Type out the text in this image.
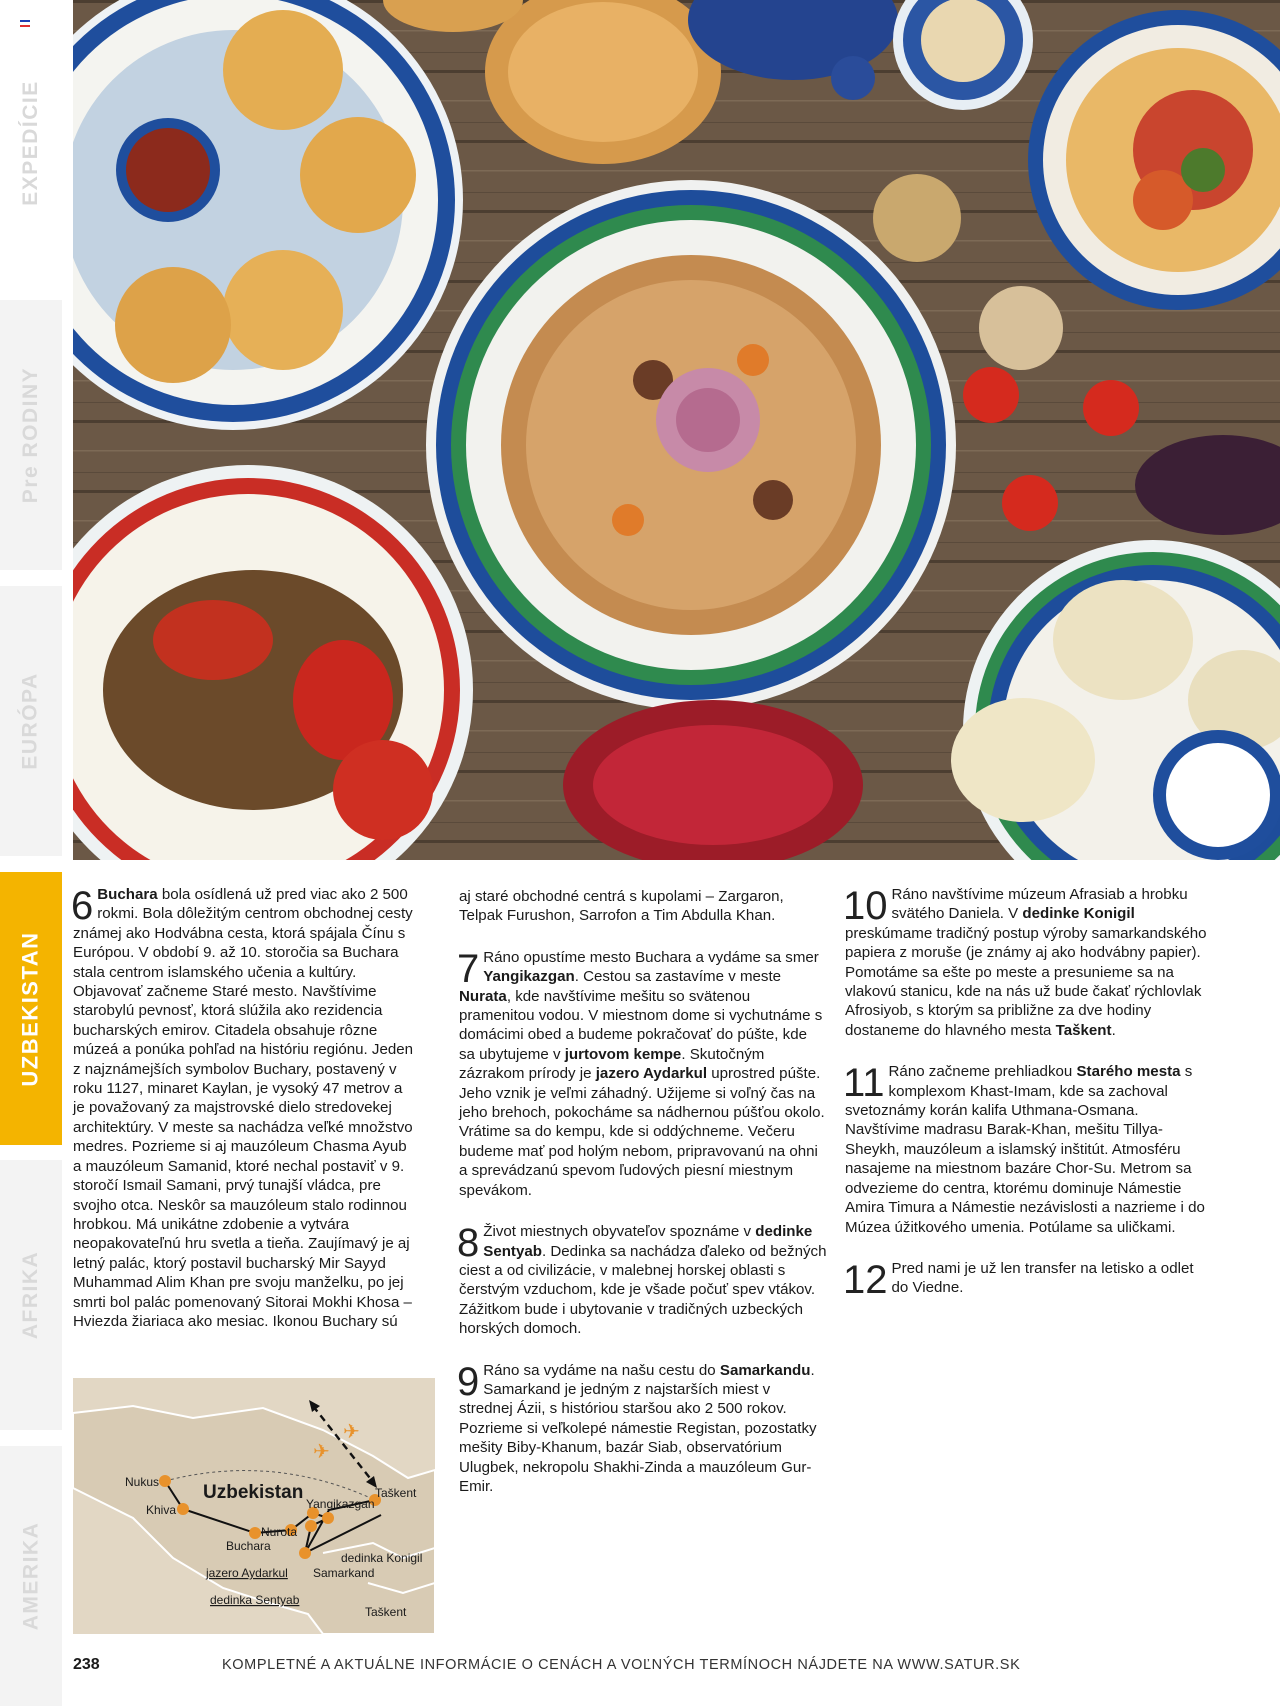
EXPEDÍCIE
Pre RODINY
EURÓPA
UZBEKISTAN
AFRIKA
AMERIKA

6 Buchara bola osídlená už pred viac ako 2 500 rokmi. Bola dôležitým centrom obchodnej cesty známej ako Hodvábna cesta, ktorá spájala Čínu s Európou. V období 9. až 10. storočia sa Buchara stala centrom islamského učenia a kultúry. Objavovať začneme Staré mesto. Navštívime starobylú pevnosť, ktorá slúžila ako rezidencia bucharských emirov. Citadela obsahuje rôzne múzeá a ponúka pohľad na históriu regiónu. Jeden z najznámejších symbolov Buchary, postavený v roku 1127, minaret Kaylan, je vysoký 47 metrov a je považovaný za majstrovské dielo stredovekej architektúry. V meste sa nachádza veľké množstvo medres. Pozrieme si aj mauzóleum Chasma Ayub a mauzóleum Samanid, ktoré nechal postaviť v 9. storočí Ismail Samani, prvý tunajší vládca, pre svojho otca. Neskôr sa mauzóleum stalo rodinnou hrobkou. Má unikátne zdobenie a vytvára neopakovateľnú hru svetla a tieňa. Zaujímavý je aj letný palác, ktorý postavil bucharský Mir Sayyd Muhammad Alim Khan pre svoju manželku, po jej smrti bol palác pomenovaný Sitorai Mokhi Khosa – Hviezda žiariaca ako mesiac. Ikonou Buchary sú

aj staré obchodné centrá s kupolami – Zargaron, Telpak Furushon, Sarrofon a Tim Abdulla Khan.

7 Ráno opustíme mesto Buchara a vydáme sa smer Yangikazgan. Cestou sa zastavíme v meste Nurata, kde navštívime mešitu so svätenou pramenitou vodou. V miestnom dome si vychutnáme s domácimi obed a budeme pokračovať do púšte, kde sa ubytujeme v jurtovom kempe. Skutočným zázrakom prírody je jazero Aydarkul uprostred púšte. Jeho vznik je veľmi záhadný. Užijeme si voľný čas na jeho brehoch, pokocháme sa nádhernou púšťou okolo. Vrátime sa do kempu, kde si oddýchneme. Večeru budeme mať pod holým nebom, pripravovanú na ohni a sprevádzanú spevom ľudových piesní miestnym spevákom.

8 Život miestnych obyvateľov spoznáme v dedinke Sentyab. Dedinka sa nachádza ďaleko od bežných ciest a od civilizácie, v malebnej horskej oblasti s čerstvým vzduchom, kde je všade počuť spev vtákov. Zážitkom bude i ubytovanie v tradičných uzbeckých horských domoch.

9 Ráno sa vydáme na našu cestu do Samarkandu. Samarkand je jedným z najstarších miest v strednej Ázii, s históriou staršou ako 2 500 rokov. Pozrieme si veľkolepé námestie Registan, pozostatky mešity Biby-Khanum, bazár Siab, observatórium Ulugbek, nekropolu Shakhi-Zinda a mauzóleum Gur-Emir.

10 Ráno navštívime múzeum Afrasiab a hrobku svätého Daniela. V dedinke Konigil preskúmame tradičný postup výroby samarkandského papiera z moruše (je známy aj ako hodvábny papier). Pomotáme sa ešte po meste a presunieme sa na vlakovú stanicu, kde na nás už bude čakať rýchlovlak Afrosiyob, s ktorým sa približne za dve hodiny dostaneme do hlavného mesta Taškent.

11 Ráno začneme prehliadkou Starého mesta s komplexom Khast-Imam, kde sa zachoval svetoznámy korán kalifa Uthmana-Osmana. Navštívime madrasu Barak-Khan, mešitu Tillya-Sheykh, mauzóleum a islamský inštitút. Atmosféru nasajeme na miestnom bazáre Chor-Su. Metrom sa odvezieme do centra, ktorému dominuje Námestie Amira Timura a Námestie nezávislosti a nazrieme i do Múzea úžitkového umenia. Potúlame sa uličkami.

12 Pred nami je už len transfer na letisko a odlet do Viedne.

✈
✈
Uzbekistan
Nukus
Khiva
Buchara
Nurota
Yangikazgan
Taškent
jazero Aydarkul Samarkand
dedinka Konigil
dedinka Sentyab
Taškent
238	KOMPLETNÉ A AKTUÁLNE INFORMÁCIE O CENÁCH A VOĽNÝCH TERMÍNOCH NÁJDETE NA WWW.SATUR.SK
